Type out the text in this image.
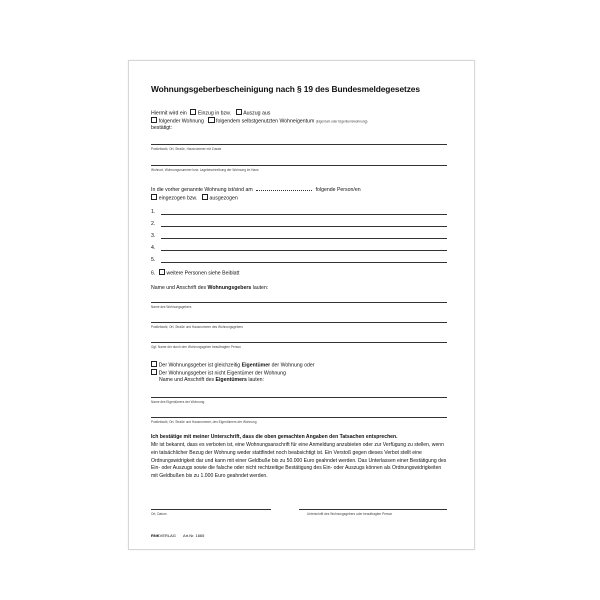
Wohnungsgeberbescheinigung nach § 19 des Bundesmeldegesetzes
Hiermit wird ein Einzug in bzw. Auszug aus
folgender Wohnung folgendem selbstgenutzten Wohneigentum (Eigentum oder Eigentumswohnung)
bestätigt:
Postleitzahl, Ort, Straße, Hausnummer mit Zusatz
Wohnort, Wohnungsnummer bzw. Lagebeschreibung der Wohnung im Haus
In die vorher genannte Wohnung ist/sind am	folgende Person/en
eingezogen bzw. ausgezogen
1.
2.
3.
4.
5.
6. weitere Personen siehe Beiblatt
Name und Anschrift des Wohnungsgebers lauten:
Name des Wohnungsgebers
Postleitzahl, Ort, Straße und Hausnummer des Wohnungsgebers
Ggf. Name der durch den Wohnungsgeber beauftragten Person
Der Wohnungsgeber ist gleichzeitig Eigentümer der Wohnung oder
Der Wohnungsgeber ist nicht Eigentümer der Wohnung
Name und Anschrift des Eigentümers lauten:
Name des Eigentümers der Wohnung
Postleitzahl, Ort, Straße und Hausnummer, des Eigentümers der Wohnung
Ich bestätige mit meiner Unterschrift, dass die oben gemachten Angaben den Tatsachen entsprechen.
Mir ist bekannt, dass es verboten ist, eine Wohnungsanschrift für eine Anmeldung anzubieten oder zur Verfügung zu stellen, wenn ein tatsächlicher Bezug der Wohnung weder stattfindet noch beabsichtigt ist. Ein Verstoß gegen dieses Verbot stellt eine Ordnungswidrigkeit dar und kann mit einer Geldbuße bis zu 50.000 Euro geahndet werden. Das Unterlassen einer Bestätigung des Ein- oder Auszugs sowie die falsche oder nicht rechtzeitige Bestätigung des Ein- oder Auszugs können als Ordnungswidrigkeiten mit Geldbußen bis zu 1.000 Euro geahndet werden.
Ort, Datum	Unterschrift des Wohnungsgebers oder beauftragten Person
RNKVERLAG Art.Nr. 1665
